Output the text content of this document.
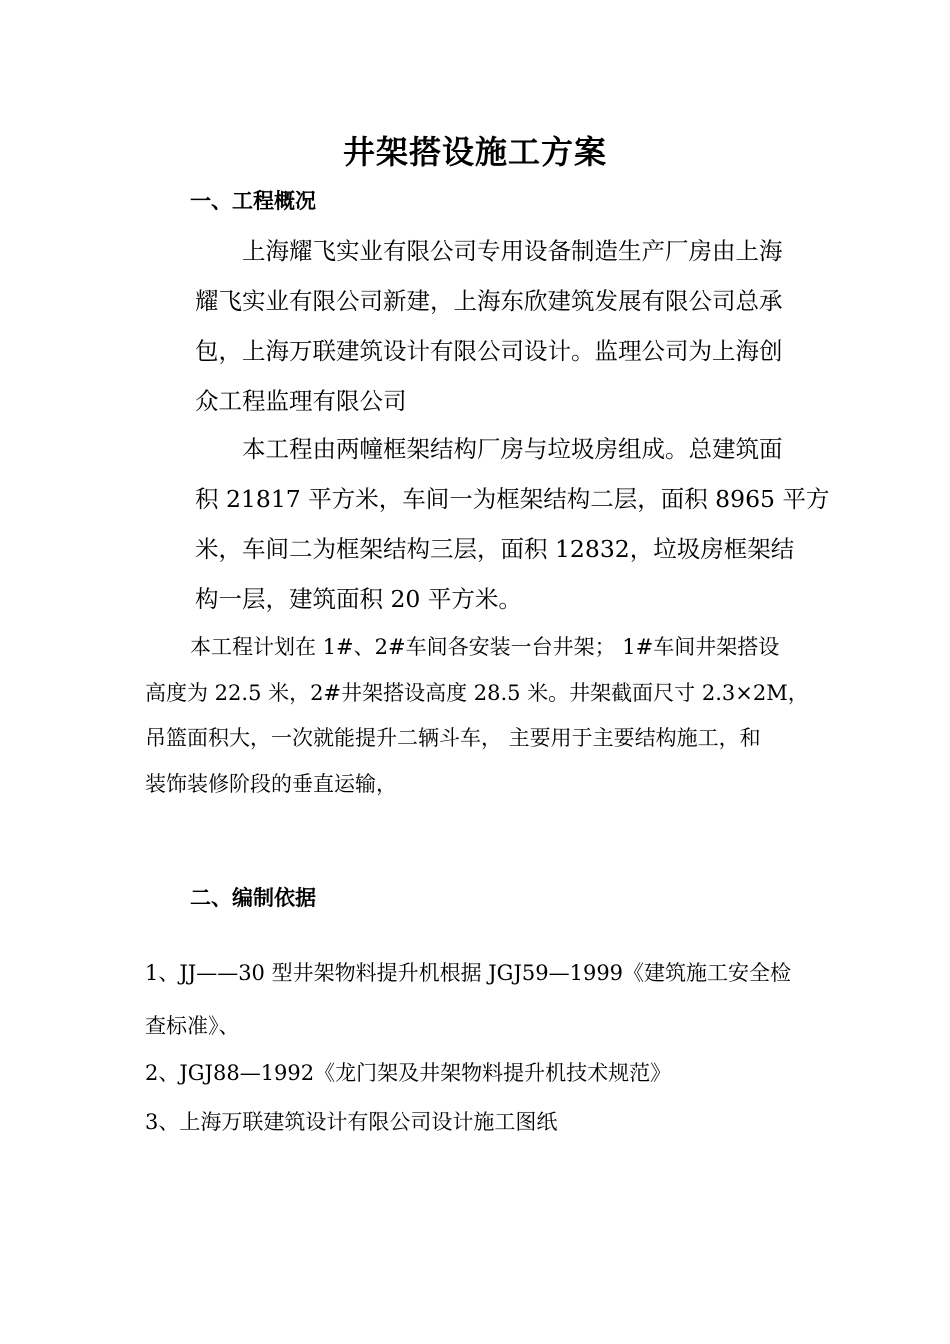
井架搭设施工方案
一、工程概况
上海耀飞实业有限公司专用设备制造生产厂房由上海
耀飞实业有限公司新建，上海东欣建筑发展有限公司总承
包，上海万联建筑设计有限公司设计。监理公司为上海创
众工程监理有限公司
本工程由两幢框架结构厂房与垃圾房组成。总建筑面
积 21817 平方米，车间一为框架结构二层，面积 8965 平方
米，车间二为框架结构三层，面积 12832，垃圾房框架结
构一层，建筑面积 20 平方米。
本工程计划在 1#、2#车间各安装一台井架； 1#车间井架搭设
高度为 22.5 米，2#井架搭设高度 28.5 米。井架截面尺寸 2.3×2M，
吊篮面积大，一次就能提升二辆斗车， 主要用于主要结构施工，和
装饰装修阶段的垂直运输，
二、编制依据
1、JJ——30 型井架物料提升机根据 JGJ59—1999《建筑施工安全检
查标准》、
2、JGJ88—1992《龙门架及井架物料提升机技术规范》
3、上海万联建筑设计有限公司设计施工图纸
